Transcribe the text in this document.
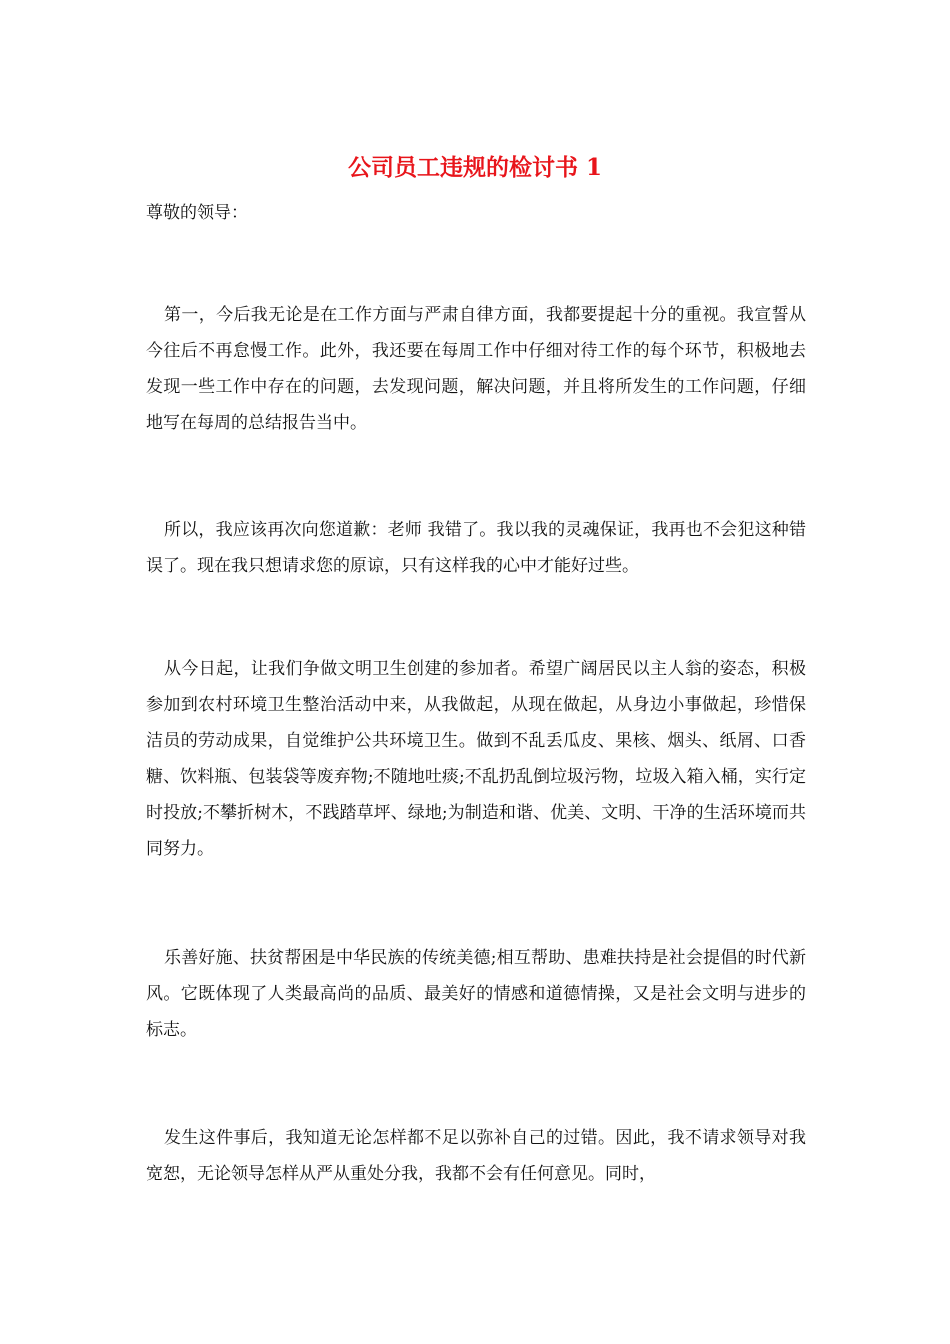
公司员工违规的检讨书 1

尊敬的领导：

第一，今后我无论是在工作方面与严肃自律方面，我都要提起十分的重视。我宣誓从今往后不再怠慢工作。此外，我还要在每周工作中仔细对待工作的每个环节，积极地去发现一些工作中存在的问题，去发现问题，解决问题，并且将所发生的工作问题，仔细地写在每周的总结报告当中。

所以，我应该再次向您道歉：老师 我错了。我以我的灵魂保证，我再也不会犯这种错误了。现在我只想请求您的原谅，只有这样我的心中才能好过些。

从今日起，让我们争做文明卫生创建的参加者。希望广阔居民以主人翁的姿态，积极参加到农村环境卫生整治活动中来，从我做起，从现在做起，从身边小事做起，珍惜保洁员的劳动成果，自觉维护公共环境卫生。做到不乱丢瓜皮、果核、烟头、纸屑、口香糖、饮料瓶、包装袋等废弃物;不随地吐痰;不乱扔乱倒垃圾污物，垃圾入箱入桶，实行定时投放;不攀折树木，不践踏草坪、绿地;为制造和谐、优美、文明、干净的生活环境而共同努力。

乐善好施、扶贫帮困是中华民族的传统美德;相互帮助、患难扶持是社会提倡的时代新风。它既体现了人类最高尚的品质、最美好的情感和道德情操，又是社会文明与进步的标志。

发生这件事后，我知道无论怎样都不足以弥补自己的过错。因此，我不请求领导对我宽恕，无论领导怎样从严从重处分我，我都不会有任何意见。同时，
